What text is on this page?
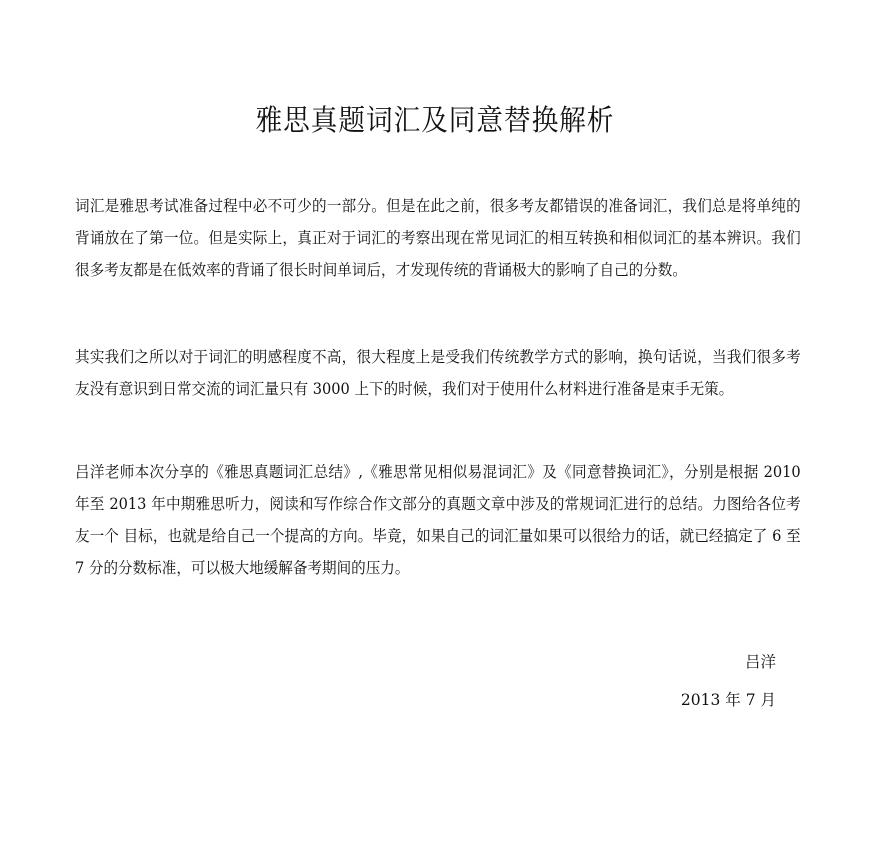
雅思真题词汇及同意替换解析

词汇是雅思考试准备过程中必不可少的一部分。但是在此之前，很多考友都错误的准备词汇，我们总是将单纯的背诵放在了第一位。但是实际上，真正对于词汇的考察出现在常见词汇的相互转换和相似词汇的基本辨识。我们很多考友都是在低效率的背诵了很长时间单词后，才发现传统的背诵极大的影响了自己的分数。

其实我们之所以对于词汇的明感程度不高，很大程度上是受我们传统教学方式的影响，换句话说，当我们很多考友没有意识到日常交流的词汇量只有 3000 上下的时候，我们对于使用什么材料进行准备是束手无策。

吕洋老师本次分享的《雅思真题词汇总结》,《雅思常见相似易混词汇》及《同意替换词汇》，分别是根据 2010 年至 2013 年中期雅思听力，阅读和写作综合作文部分的真题文章中涉及的常规词汇进行的总结。力图给各位考友一个 目标，也就是给自己一个提高的方向。毕竟，如果自己的词汇量如果可以很给力的话，就已经搞定了 6 至 7 分的分数标准，可以极大地缓解备考期间的压力。

吕洋
2013 年 7 月
